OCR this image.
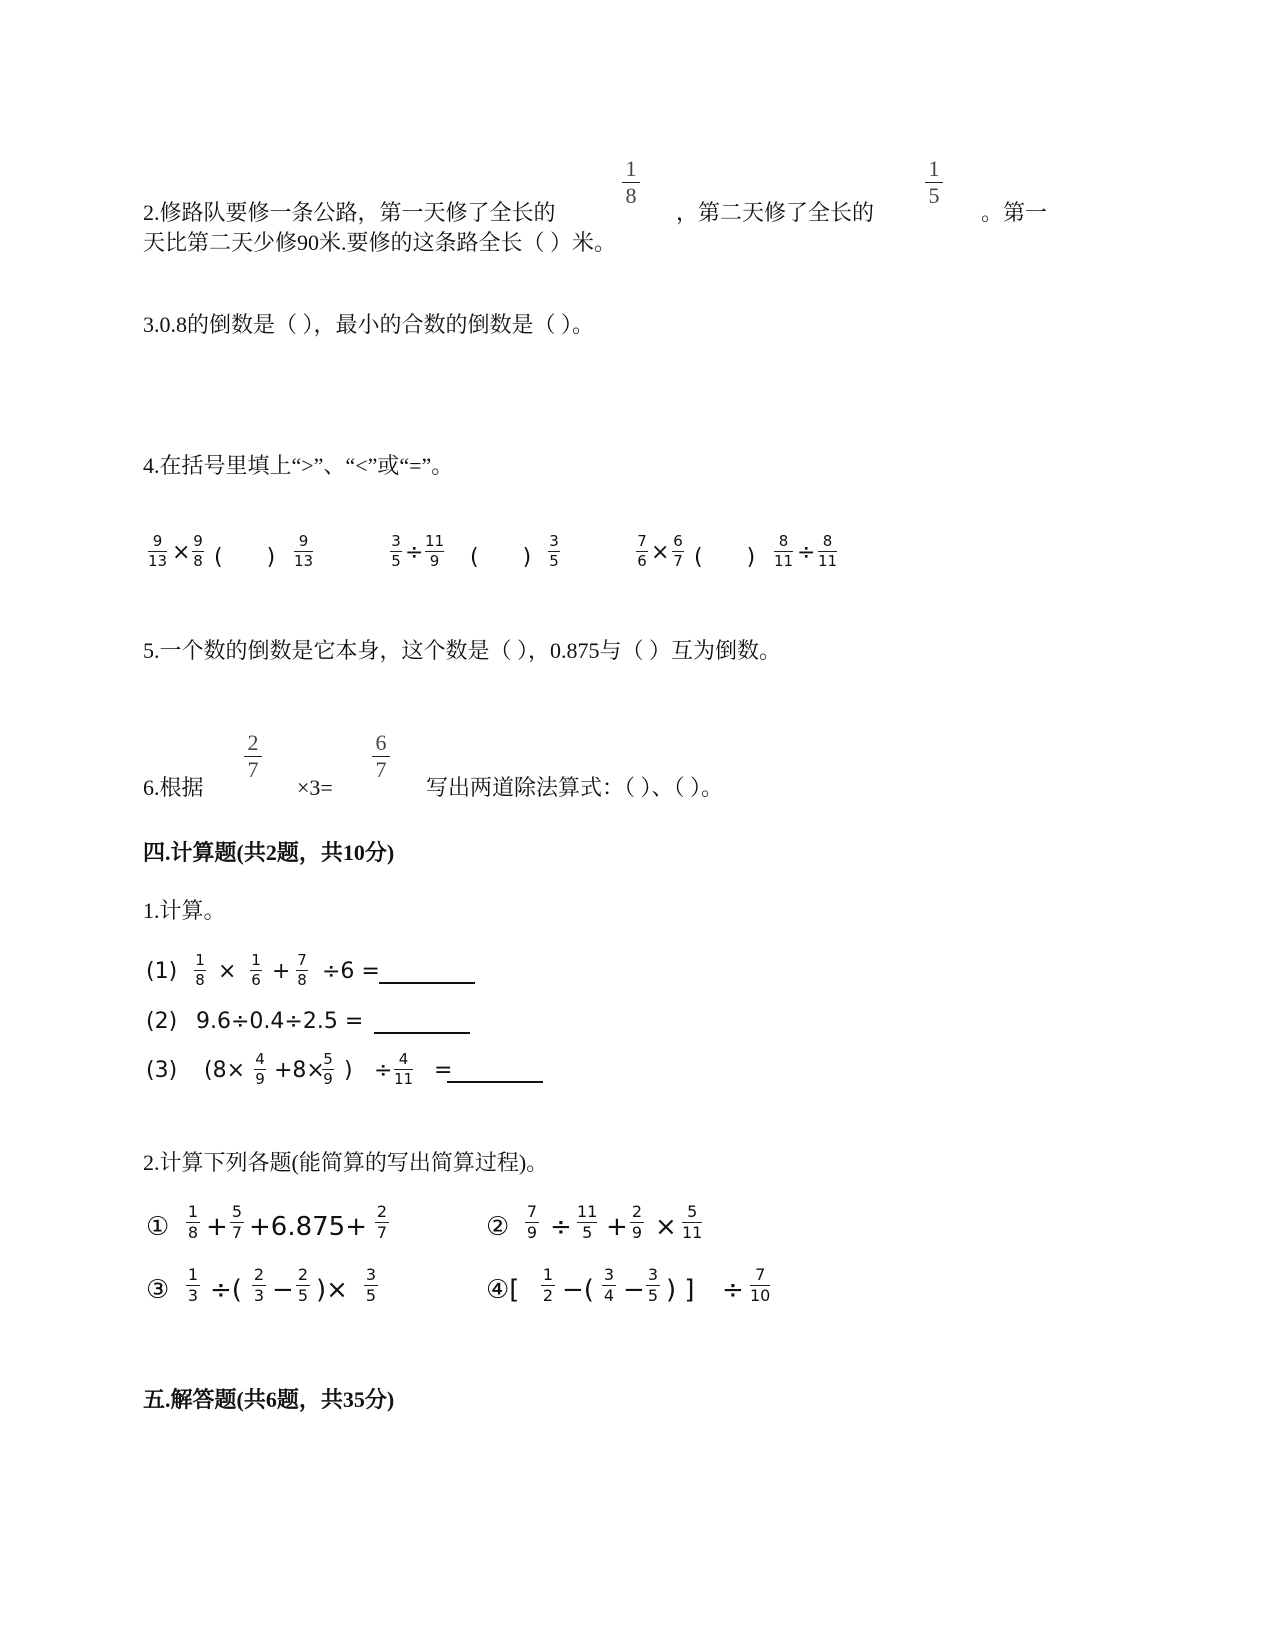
2.修路队要修一条公路，第一天修了全长的
1
8
，第二天修了全长的
1
5
。第一
天比第二天少修90米.要修的这条路全长（ ）米。
3.0.8的倒数是（ ），最小的合数的倒数是（ ）。
4.在括号里填上“>”、“<”或“=”。
9
13 × 9
8 (　　)
9
13
3
5 ÷ 11
9 (　　)
3
5
7
6 × 6
7 (　　)
8
11 ÷ 8
11
5.一个数的倒数是它本身，这个数是（ ），0.875与（ ）互为倒数。
6.根据
2
7
×3=
6
7
写出两道除法算式：（ ）、（ ）。
四.计算题(共2题，共10分)
1.计算。
(1) 1
8 × 1
6 + 7
8 ÷6 =
(2) 9.6÷0.4÷2.5 =
(3) (8× 4
9 +8×
5
9 ) ÷ 4
11 =
2.计算下列各题(能简算的写出简算过程)。
①
1
8 +
5
7 +6.875+
2
7	②
7
9 ÷
11
5 +
2
9 ×
5
11
③
1
3 ÷(
2
3 −
2
5 )×
3
5	④[
1
2 −(
3
4 −
3
5 ) ] ÷
7
10
五.解答题(共6题，共35分)
